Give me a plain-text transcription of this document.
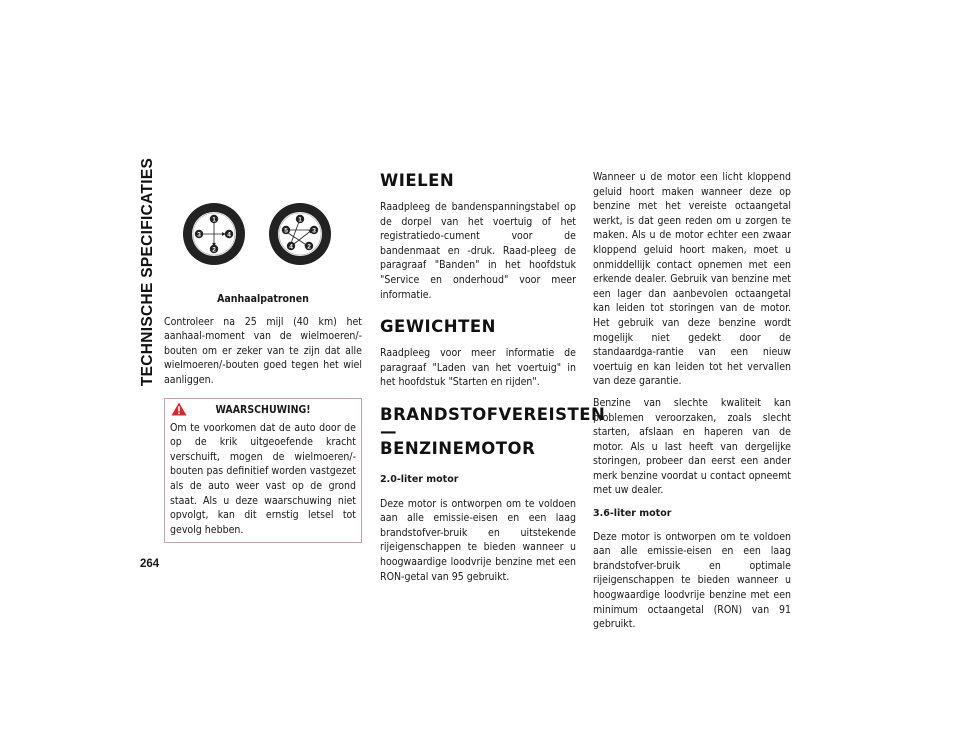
TECHNISCHE SPECIFICATIES	1
4
3
2
1
5	3
4 2
Aanhaalpatronen

Controleer na 25 mijl (40 km) het aanhaal-moment van de wielmoeren/-bouten om er zeker van te zijn dat alle wielmoeren/-bouten goed tegen het wiel aanliggen.

WAARSCHUWING!

Om te voorkomen dat de auto door de op de krik uitgeoefende kracht verschuift, mogen de wielmoeren/-bouten pas definitief worden vastgezet als de auto weer vast op de grond staat. Als u deze waarschuwing niet opvolgt, kan dit ernstig letsel tot gevolg hebben.

WIELEN

Raadpleeg de bandenspanningstabel op de dorpel van het voertuig of het registratiedo-cument voor de bandenmaat en -druk. Raad-pleeg de paragraaf "Banden" in het hoofdstuk "Service en onderhoud" voor meer informatie.

GEWICHTEN

Raadpleeg voor meer informatie de paragraaf "Laden van het voertuig" in het hoofdstuk "Starten en rijden".

BRANDSTOFVEREISTEN —
BENZINEMOTOR
2.0-liter motor

Deze motor is ontworpen om te voldoen aan alle emissie-eisen en een laag brandstofver-bruik en uitstekende rijeigenschappen te bieden wanneer u hoogwaardige loodvrije benzine met een RON-getal van 95 gebruikt.

Wanneer u de motor een licht kloppend geluid hoort maken wanneer deze op benzine met het vereiste octaangetal werkt, is dat geen reden om u zorgen te maken. Als u de motor echter een zwaar kloppend geluid hoort maken, moet u onmiddellijk contact opnemen met een erkende dealer. Gebruik van benzine met een lager dan aanbevolen octaangetal kan leiden tot storingen van de motor. Het gebruik van deze benzine wordt mogelijk niet gedekt door de standaardga-rantie van een nieuw voertuig en kan leiden tot het vervallen van deze garantie.

Benzine van slechte kwaliteit kan problemen veroorzaken, zoals slecht starten, afslaan en haperen van de motor. Als u last heeft van dergelijke storingen, probeer dan eerst een ander merk benzine voordat u contact opneemt met uw dealer.

3.6-liter motor

Deze motor is ontworpen om te voldoen aan alle emissie-eisen en een laag brandstofver-bruik en optimale rijeigenschappen te bieden wanneer u hoogwaardige loodvrije benzine met een minimum octaangetal (RON) van 91 gebruikt.

264
